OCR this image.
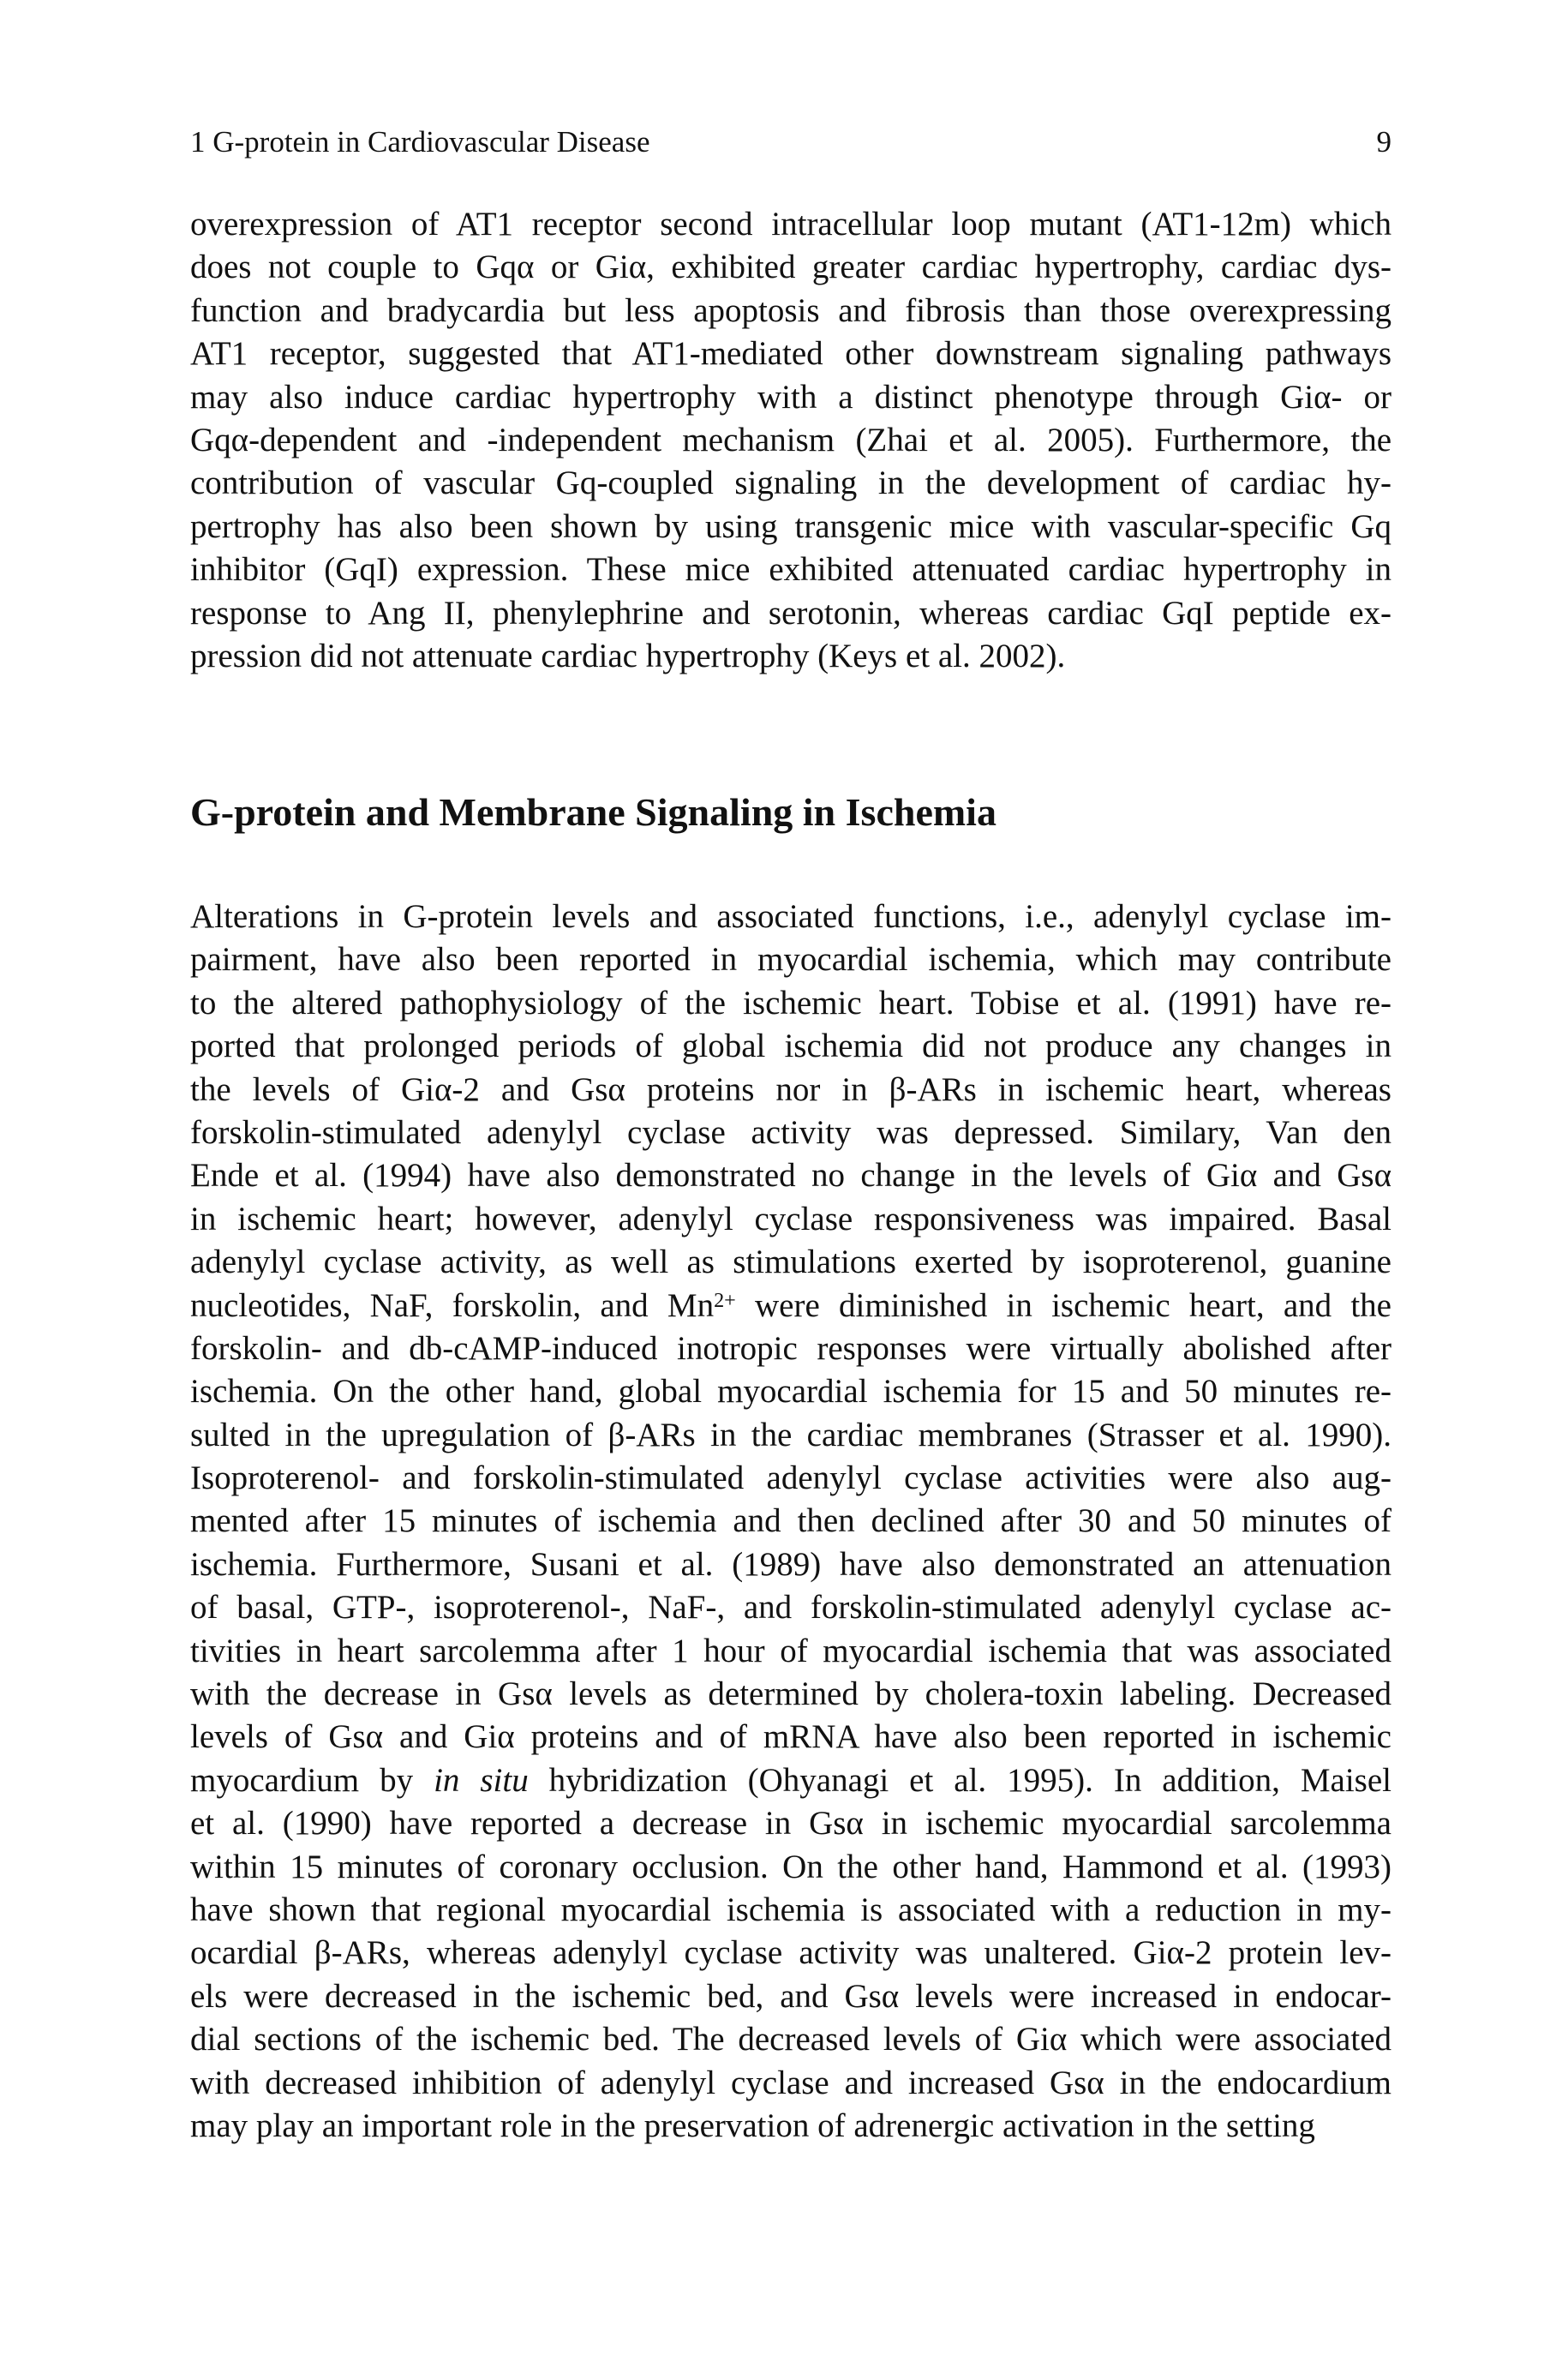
1 G-protein in Cardiovascular Disease	9
overexpression of AT1 receptor second intracellular loop mutant (AT1-12m) which
does not couple to Gqα or Giα, exhibited greater cardiac hypertrophy, cardiac dys-
function and bradycardia but less apoptosis and fibrosis than those overexpressing
AT1 receptor, suggested that AT1-mediated other downstream signaling pathways
may also induce cardiac hypertrophy with a distinct phenotype through Giα- or
Gqα-dependent and -independent mechanism (Zhai et al. 2005). Furthermore, the
contribution of vascular Gq-coupled signaling in the development of cardiac hy-
pertrophy has also been shown by using transgenic mice with vascular-specific Gq
inhibitor (GqI) expression. These mice exhibited attenuated cardiac hypertrophy in
response to Ang II, phenylephrine and serotonin, whereas cardiac GqI peptide ex-
pression did not attenuate cardiac hypertrophy (Keys et al. 2002).
G-protein and Membrane Signaling in Ischemia
Alterations in G-protein levels and associated functions, i.e., adenylyl cyclase im-
pairment, have also been reported in myocardial ischemia, which may contribute
to the altered pathophysiology of the ischemic heart. Tobise et al. (1991) have re-
ported that prolonged periods of global ischemia did not produce any changes in
the levels of Giα-2 and Gsα proteins nor in β-ARs in ischemic heart, whereas
forskolin-stimulated adenylyl cyclase activity was depressed. Similary, Van den
Ende et al. (1994) have also demonstrated no change in the levels of Giα and Gsα
in ischemic heart; however, adenylyl cyclase responsiveness was impaired. Basal
adenylyl cyclase activity, as well as stimulations exerted by isoproterenol, guanine
nucleotides, NaF, forskolin, and $Mn^{2+}$ were diminished in ischemic heart, and the
forskolin- and db-cAMP-induced inotropic responses were virtually abolished after
ischemia. On the other hand, global myocardial ischemia for 15 and 50 minutes re-
sulted in the upregulation of β-ARs in the cardiac membranes (Strasser et al. 1990).
Isoproterenol- and forskolin-stimulated adenylyl cyclase activities were also aug-
mented after 15 minutes of ischemia and then declined after 30 and 50 minutes of
ischemia. Furthermore, Susani et al. (1989) have also demonstrated an attenuation
of basal, GTP-, isoproterenol-, NaF-, and forskolin-stimulated adenylyl cyclase ac-
tivities in heart sarcolemma after 1 hour of myocardial ischemia that was associated
with the decrease in Gsα levels as determined by cholera-toxin labeling. Decreased
levels of Gsα and Giα proteins and of mRNA have also been reported in ischemic
myocardium by in situ hybridization (Ohyanagi et al. 1995). In addition, Maisel
et al. (1990) have reported a decrease in Gsα in ischemic myocardial sarcolemma
within 15 minutes of coronary occlusion. On the other hand, Hammond et al. (1993)
have shown that regional myocardial ischemia is associated with a reduction in my-
ocardial β-ARs, whereas adenylyl cyclase activity was unaltered. Giα-2 protein lev-
els were decreased in the ischemic bed, and Gsα levels were increased in endocar-
dial sections of the ischemic bed. The decreased levels of Giα which were associated
with decreased inhibition of adenylyl cyclase and increased Gsα in the endocardium
may play an important role in the preservation of adrenergic activation in the setting
